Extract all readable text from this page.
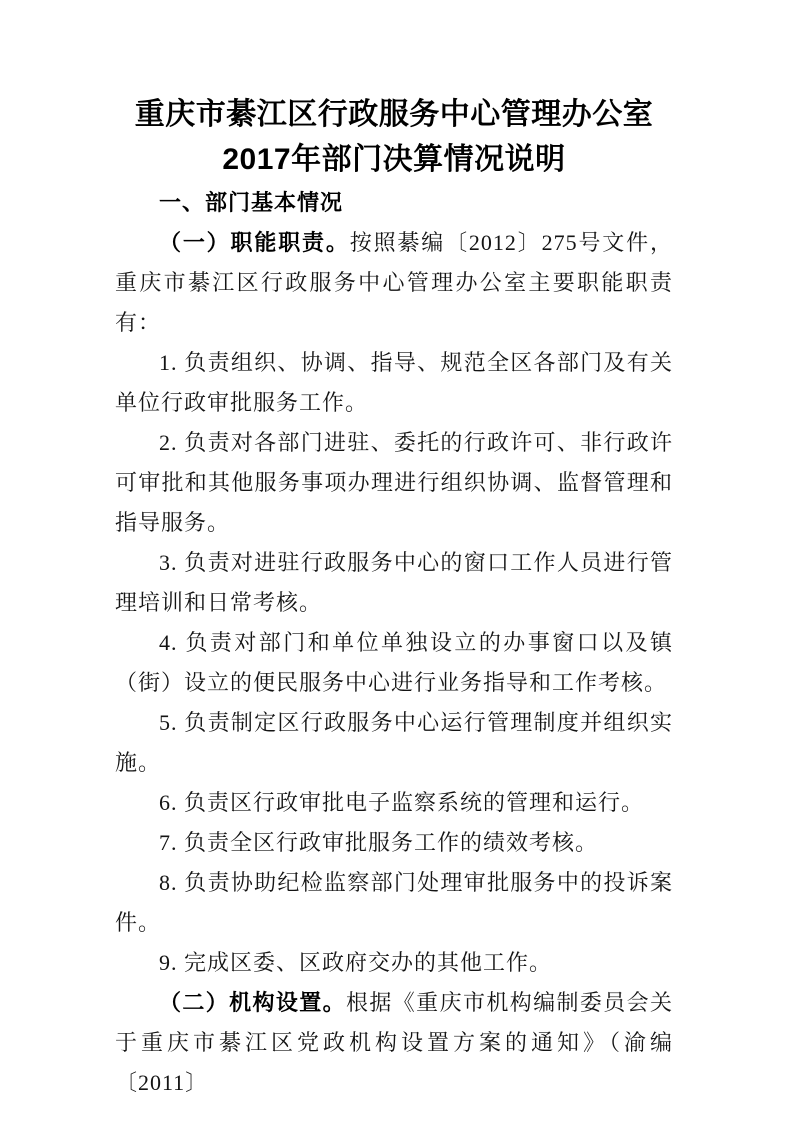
重庆市綦江区行政服务中心管理办公室
2017年部门决算情况说明

一、部门基本情况

（一）职能职责。按照綦编〔2012〕275号文件，重庆市綦江区行政服务中心管理办公室主要职能职责有：

1. 负责组织、协调、指导、规范全区各部门及有关单位行政审批服务工作。

2. 负责对各部门进驻、委托的行政许可、非行政许可审批和其他服务事项办理进行组织协调、监督管理和指导服务。

3. 负责对进驻行政服务中心的窗口工作人员进行管理培训和日常考核。

4. 负责对部门和单位单独设立的办事窗口以及镇（街）设立的便民服务中心进行业务指导和工作考核。

5. 负责制定区行政服务中心运行管理制度并组织实施。

6. 负责区行政审批电子监察系统的管理和运行。

7. 负责全区行政审批服务工作的绩效考核。

8. 负责协助纪检监察部门处理审批服务中的投诉案件。

9. 完成区委、区政府交办的其他工作。

（二）机构设置。根据《重庆市机构编制委员会关于重庆市綦江区党政机构设置方案的通知》（渝编〔2011〕
